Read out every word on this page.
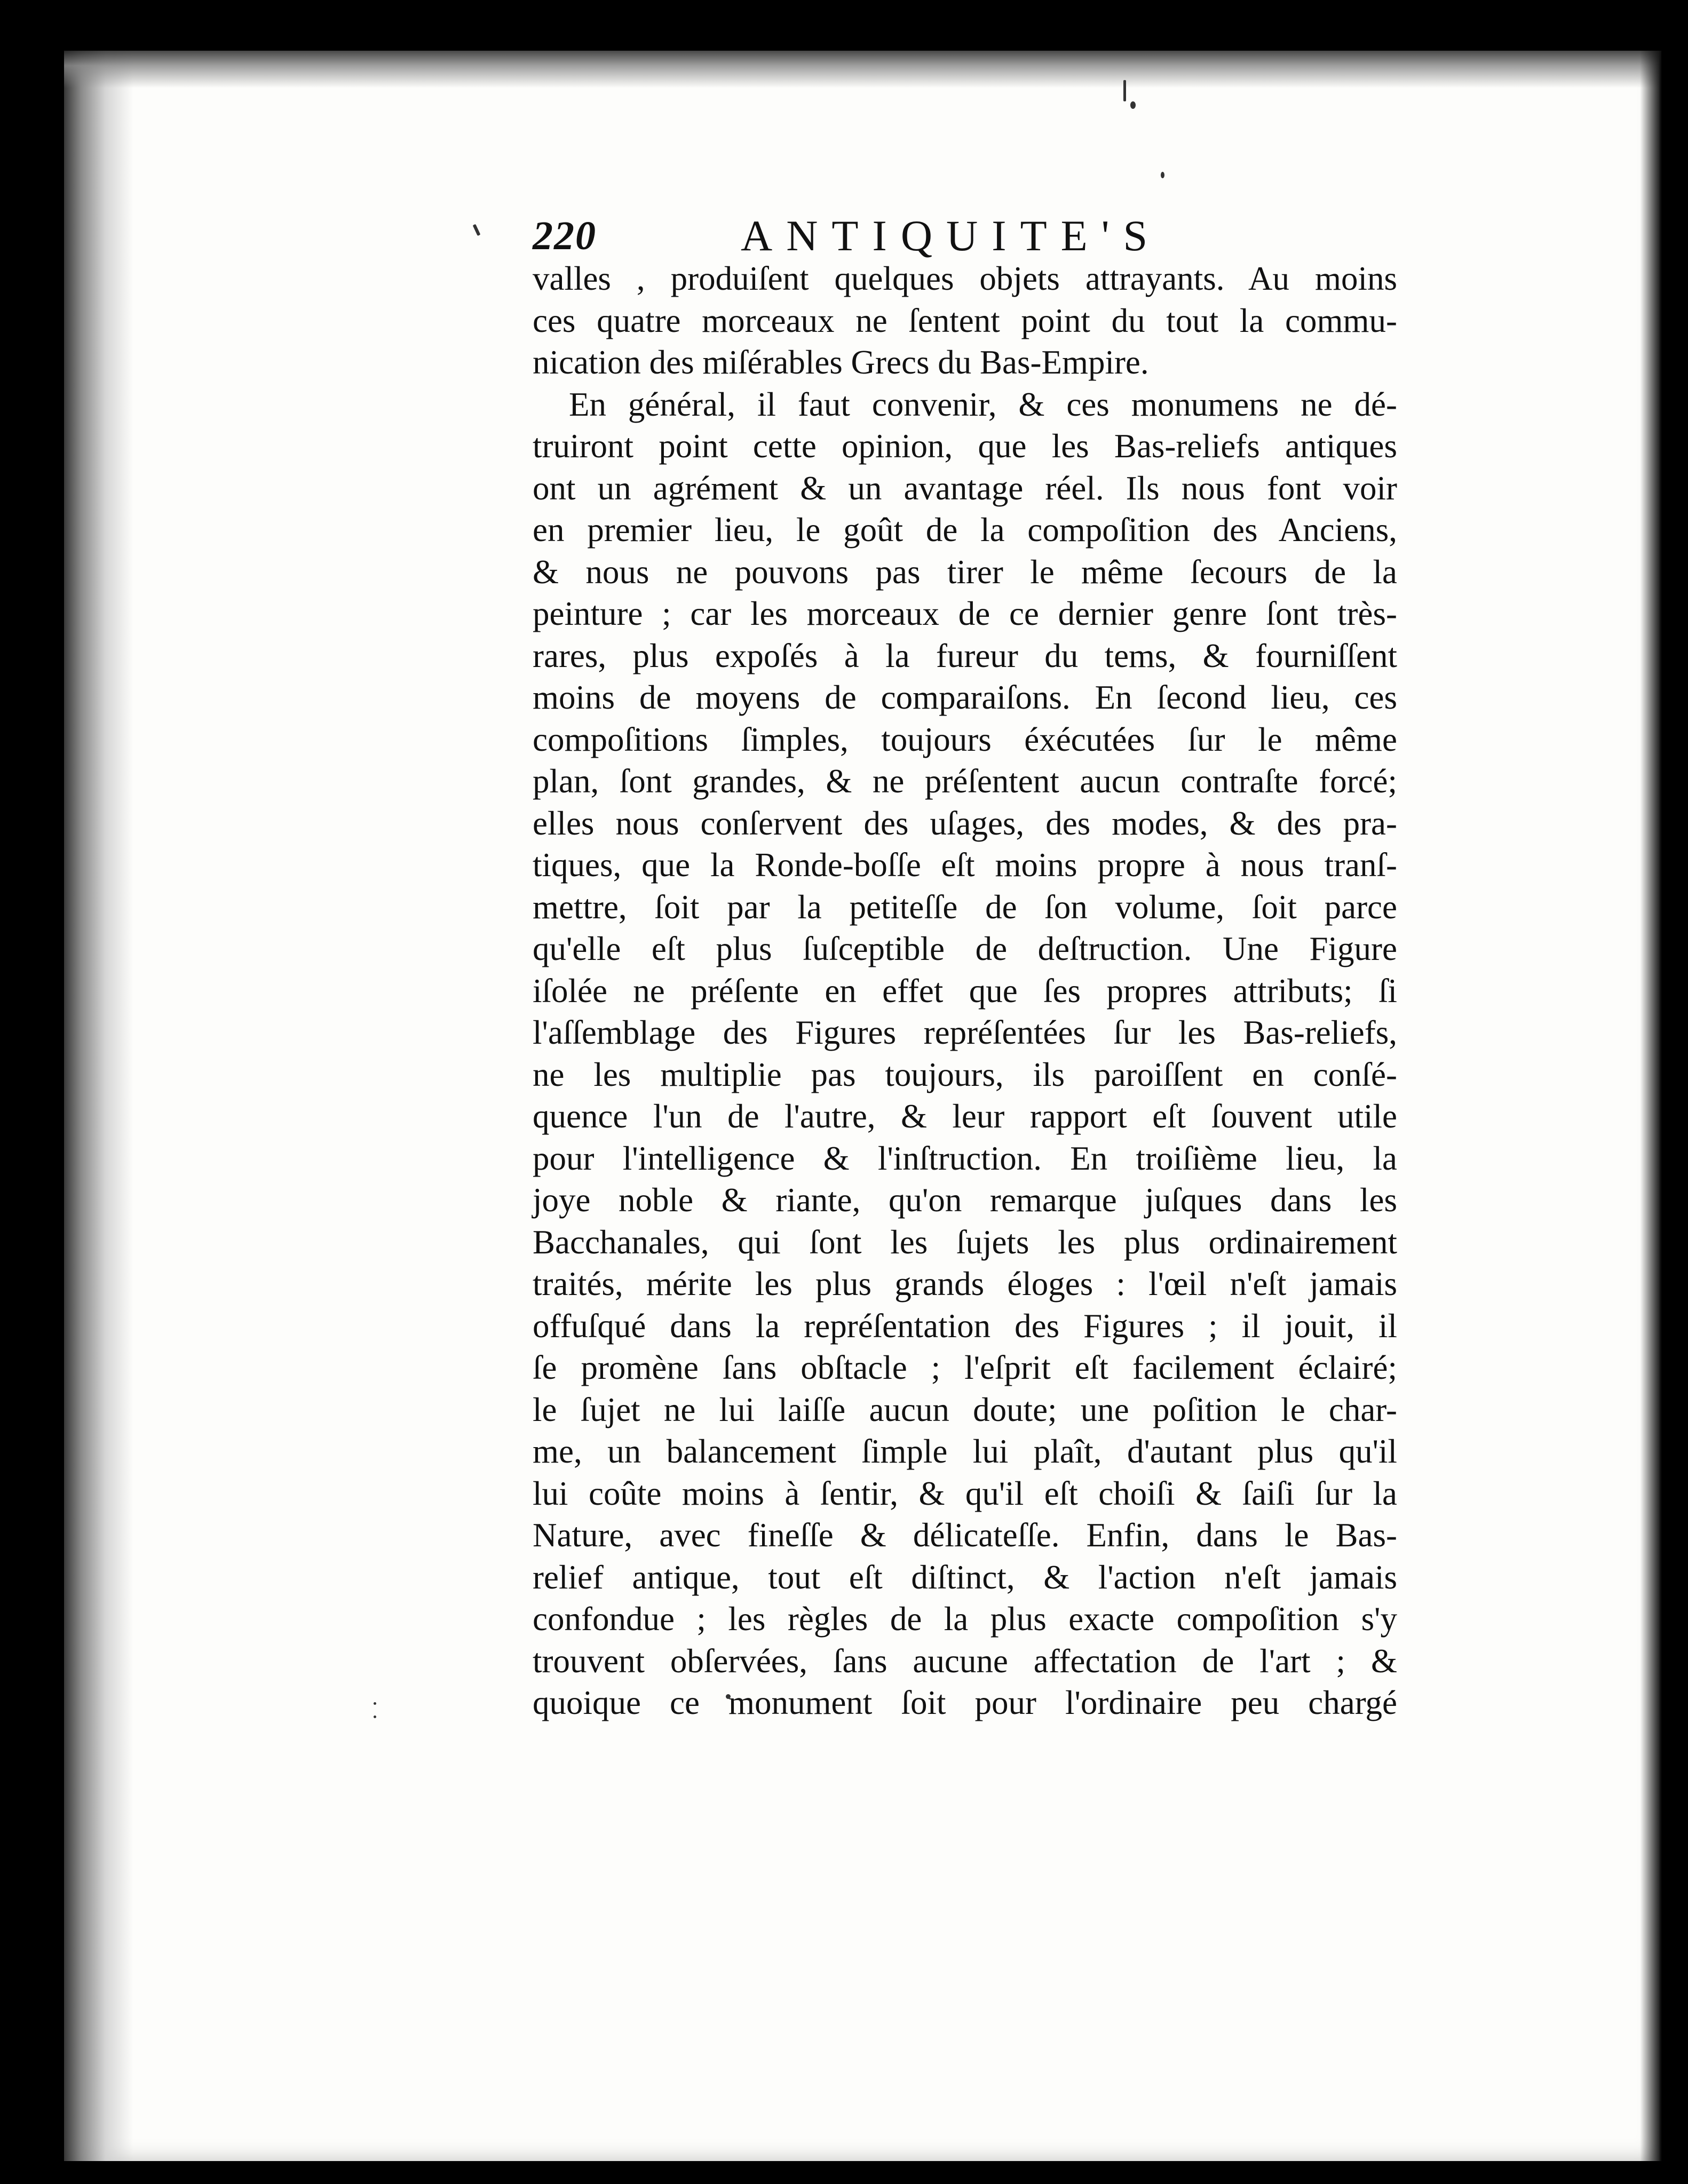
220	ANTIQUITE'S
valles , produiſent quelques objets attrayants. Au moins
ces quatre morceaux ne ſentent point du tout la commu-
nication des miſérables Grecs du Bas-Empire.
En général, il faut convenir, & ces monumens ne dé-
truiront point cette opinion, que les Bas-reliefs antiques
ont un agrément & un avantage réel. Ils nous font voir
en premier lieu, le goût de la compoſition des Anciens,
& nous ne pouvons pas tirer le même ſecours de la
peinture ; car les morceaux de ce dernier genre ſont très-
rares, plus expoſés à la fureur du tems, & fourniſſent
moins de moyens de comparaiſons. En ſecond lieu, ces
compoſitions ſimples, toujours éxécutées ſur le même
plan, ſont grandes, & ne préſentent aucun contraſte forcé;
elles nous conſervent des uſages, des modes, & des pra-
tiques, que la Ronde-boſſe eſt moins propre à nous tranſ-
mettre, ſoit par la petiteſſe de ſon volume, ſoit parce
qu'elle eſt plus ſuſceptible de deſtruction. Une Figure
iſolée ne préſente en effet que ſes propres attributs; ſi
l'aſſemblage des Figures repréſentées ſur les Bas-reliefs,
ne les multiplie pas toujours, ils paroiſſent en conſé-
quence l'un de l'autre, & leur rapport eſt ſouvent utile
pour l'intelligence & l'inſtruction. En troiſième lieu, la
joye noble & riante, qu'on remarque juſques dans les
Bacchanales, qui ſont les ſujets les plus ordinairement
traités, mérite les plus grands éloges : l'œil n'eſt jamais
offuſqué dans la repréſentation des Figures ; il jouit, il
ſe promène ſans obſtacle ; l'eſprit eſt facilement éclairé;
le ſujet ne lui laiſſe aucun doute; une poſition le char-
me, un balancement ſimple lui plaît, d'autant plus qu'il
lui coûte moins à ſentir, & qu'il eſt choiſi & ſaiſi ſur la
Nature, avec fineſſe & délicateſſe. Enfin, dans le Bas-
relief antique, tout eſt diſtinct, & l'action n'eſt jamais
confondue ; les règles de la plus exacte compoſition s'y
trouvent obſervées, ſans aucune affectation de l'art ; &
quoique ce monument ſoit pour l'ordinaire peu chargé
